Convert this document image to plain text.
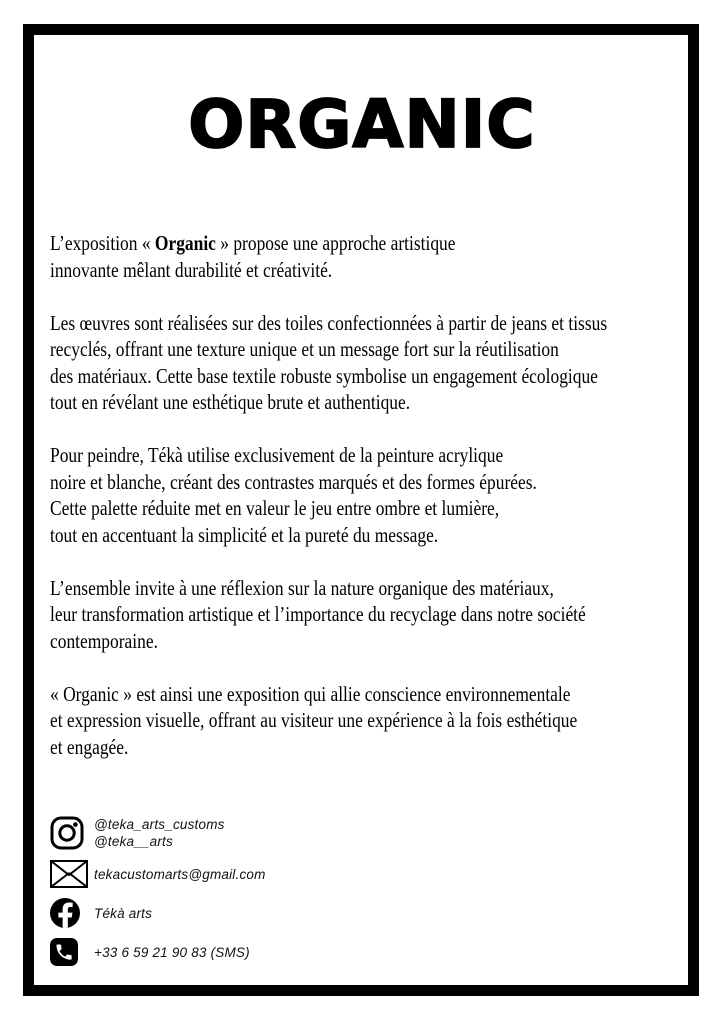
ORGANIC

L’exposition « Organic » propose une approche artistique
innovante mêlant durabilité et créativité.

Les œuvres sont réalisées sur des toiles confectionnées à partir de jeans et tissus
recyclés, offrant une texture unique et un message fort sur la réutilisation
des matériaux. Cette base textile robuste symbolise un engagement écologique
tout en révélant une esthétique brute et authentique.

Pour peindre, Tékà utilise exclusivement de la peinture acrylique
noire et blanche, créant des contrastes marqués et des formes épurées.
Cette palette réduite met en valeur le jeu entre ombre et lumière,
tout en accentuant la simplicité et la pureté du message.

L’ensemble invite à une réflexion sur la nature organique des matériaux,
leur transformation artistique et l’importance du recyclage dans notre société
contemporaine.

« Organic » est ainsi une exposition qui allie conscience environnementale
et expression visuelle, offrant au visiteur une expérience à la fois esthétique
et engagée.

@teka_arts_customs
@teka__arts
tekacustomarts@gmail.com
Tékà arts
+33 6 59 21 90 83 (SMS)
